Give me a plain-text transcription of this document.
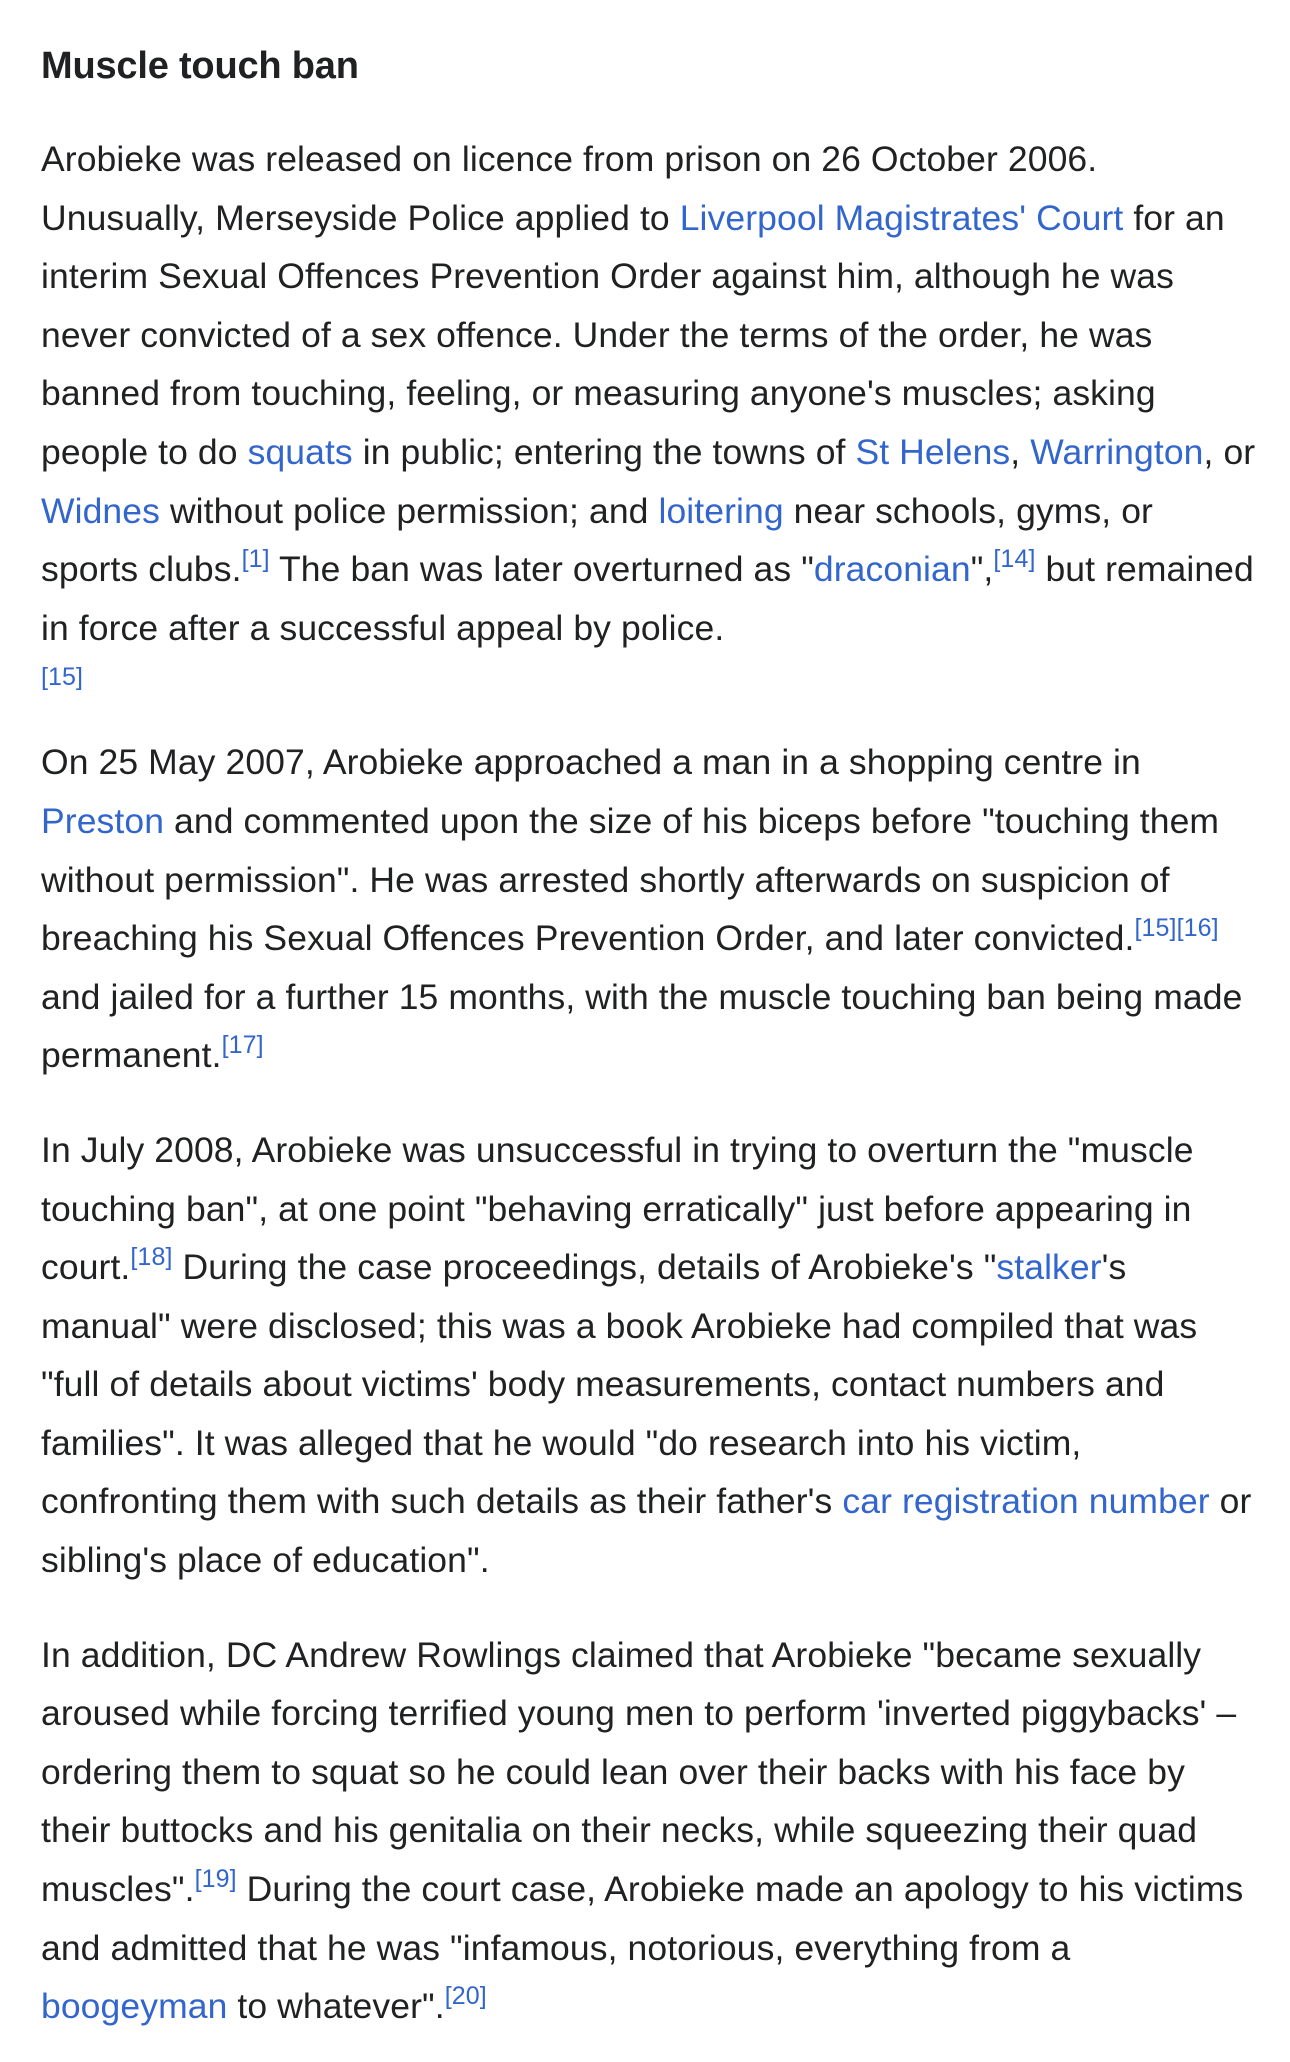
Muscle touch ban

Arobieke was released on licence from prison on 26 October 2006. Unusually, Merseyside Police applied to Liverpool Magistrates' Court for an interim Sexual Offences Prevention Order against him, although he was never convicted of a sex offence. Under the terms of the order, he was banned from touching, feeling, or measuring anyone's muscles; asking people to do squats in public; entering the towns of St Helens, Warrington, or Widnes without police permission; and loitering near schools, gyms, or sports clubs.[1] The ban was later overturned as "draconian",[14] but remained in force after a successful appeal by police.
[15]

On 25 May 2007, Arobieke approached a man in a shopping centre in Preston and commented upon the size of his biceps before "touching them without permission". He was arrested shortly afterwards on suspicion of breaching his Sexual Offences Prevention Order, and later convicted.[15][16] and jailed for a further 15 months, with the muscle touching ban being made permanent.[17]

In July 2008, Arobieke was unsuccessful in trying to overturn the "muscle touching ban", at one point "behaving erratically" just before appearing in court.[18] During the case proceedings, details of Arobieke's "stalker's manual" were disclosed; this was a book Arobieke had compiled that was "full of details about victims' body measurements, contact numbers and families". It was alleged that he would "do research into his victim, confronting them with such details as their father's car registration number or sibling's place of education".

In addition, DC Andrew Rowlings claimed that Arobieke "became sexually aroused while forcing terrified young men to perform 'inverted piggybacks' – ordering them to squat so he could lean over their backs with his face by their buttocks and his genitalia on their necks, while squeezing their quad muscles".[19] During the court case, Arobieke made an apology to his victims and admitted that he was "infamous, notorious, everything from a boogeyman to whatever".[20]
